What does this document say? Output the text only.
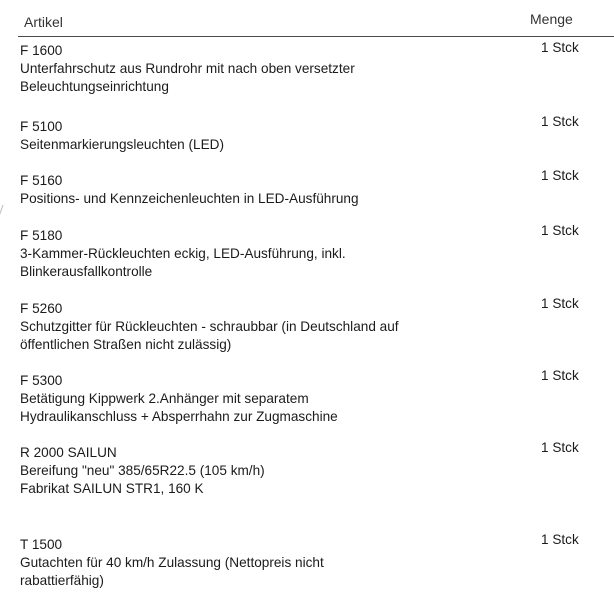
Artikel	Menge
F 1600
Unterfahrschutz aus Rundrohr mit nach oben versetzter
Beleuchtungseinrichtung
1 Stck
F 5100
Seitenmarkierungsleuchten (LED)
1 Stck
F 5160
Positions- und Kennzeichenleuchten in LED-Ausführung
1 Stck
F 5180
3-Kammer-Rückleuchten eckig, LED-Ausführung, inkl.
Blinkerausfallkontrolle
1 Stck
F 5260
Schutzgitter für Rückleuchten - schraubbar (in Deutschland auf
öffentlichen Straßen nicht zulässig)
1 Stck
F 5300
Betätigung Kippwerk 2.Anhänger mit separatem
Hydraulikanschluss + Absperrhahn zur Zugmaschine
1 Stck
R 2000 SAILUN
Bereifung "neu" 385/65R22.5 (105 km/h)
Fabrikat SAILUN STR1, 160 K
1 Stck
T 1500
Gutachten für 40 km/h Zulassung (Nettopreis nicht
rabattierfähig)
1 Stck
